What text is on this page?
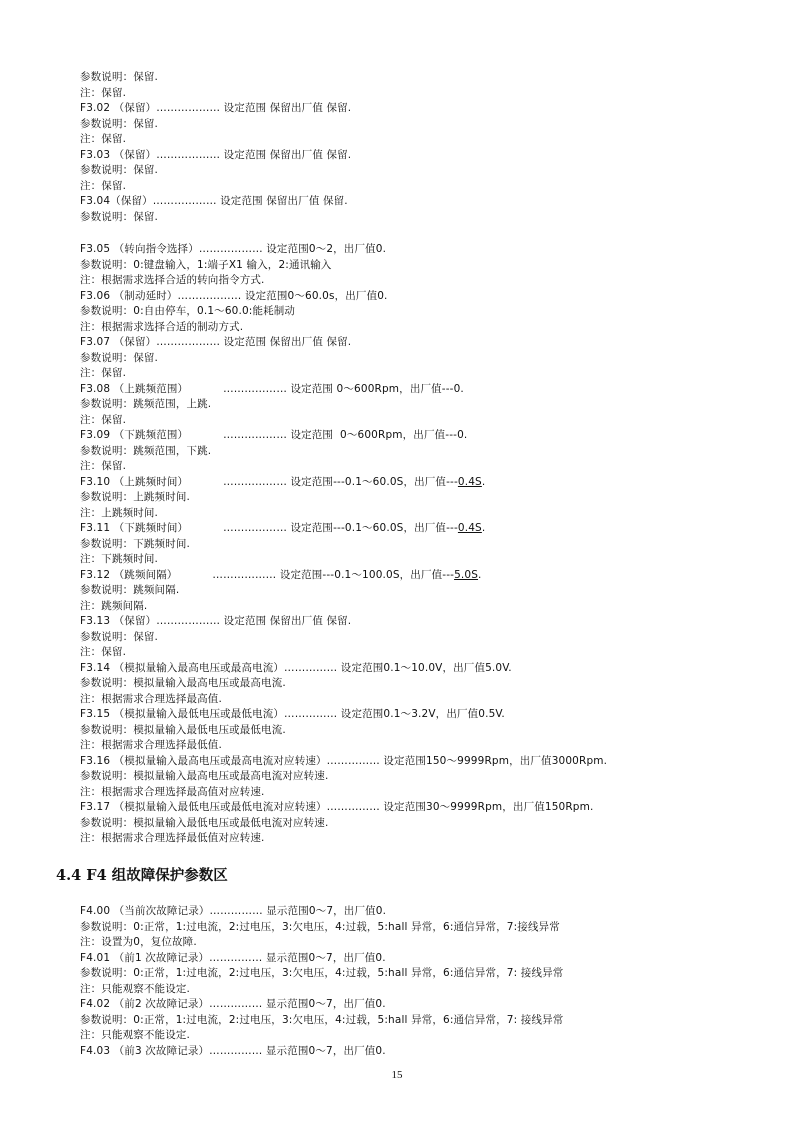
参数说明：保留.
注：保留.
F3.02 （保留）……………… 设定范围 保留出厂值 保留.
参数说明：保留.
注：保留.
F3.03 （保留）……………… 设定范围 保留出厂值 保留.
参数说明：保留.
注：保留.
F3.04（保留）……………… 设定范围 保留出厂值 保留.
参数说明：保留.
F3.05 （转向指令选择）……………… 设定范围0～2，出厂值0.
参数说明：0:键盘输入，1:端子X1 输入，2:通讯输入
注：根据需求选择合适的转向指令方式.
F3.06 （制动延时）……………… 设定范围0～60.0s，出厂值0.
参数说明：0:自由停车，0.1～60.0:能耗制动
注：根据需求选择合适的制动方式.
F3.07 （保留）……………… 设定范围 保留出厂值 保留.
参数说明：保留.
注：保留.
F3.08 （上跳频范围）          ……………… 设定范围 0～600Rpm，出厂值---0.
参数说明：跳频范围，上跳.
注：保留.
F3.09 （下跳频范围）          ……………… 设定范围  0～600Rpm，出厂值---0.
参数说明：跳频范围，下跳.
注：保留.
F3.10 （上跳频时间）          ……………… 设定范围---0.1～60.0S，出厂值---0.4S.
参数说明：上跳频时间.
注：上跳频时间.
F3.11 （下跳频时间）          ……………… 设定范围---0.1～60.0S，出厂值---0.4S.
参数说明：下跳频时间.
注：下跳频时间.
F3.12 （跳频间隔）          ……………… 设定范围---0.1～100.0S，出厂值---5.0S.
参数说明：跳频间隔.
注：跳频间隔.
F3.13 （保留）……………… 设定范围 保留出厂值 保留.
参数说明：保留.
注：保留.
F3.14 （模拟量输入最高电压或最高电流）…………… 设定范围0.1～10.0V，出厂值5.0V.
参数说明：模拟量输入最高电压或最高电流.
注：根据需求合理选择最高值.
F3.15 （模拟量输入最低电压或最低电流）…………… 设定范围0.1～3.2V，出厂值0.5V.
参数说明：模拟量输入最低电压或最低电流.
注：根据需求合理选择最低值.
F3.16 （模拟量输入最高电压或最高电流对应转速）…………… 设定范围150～9999Rpm，出厂值3000Rpm.
参数说明：模拟量输入最高电压或最高电流对应转速.
注：根据需求合理选择最高值对应转速.
F3.17 （模拟量输入最低电压或最低电流对应转速）…………… 设定范围30～9999Rpm，出厂值150Rpm.
参数说明：模拟量输入最低电压或最低电流对应转速.
注：根据需求合理选择最低值对应转速.
4.4 F4 组故障保护参数区
F4.00 （当前次故障记录）…………… 显示范围0～7，出厂值0.
参数说明：0:正常，1:过电流，2:过电压，3:欠电压，4:过载，5:hall 异常，6:通信异常，7:接线异常
注：设置为0，复位故障.
F4.01 （前1 次故障记录）…………… 显示范围0～7，出厂值0.
参数说明：0:正常，1:过电流，2:过电压，3:欠电压，4:过载，5:hall 异常，6:通信异常，7: 接线异常
注：只能观察不能设定.
F4.02 （前2 次故障记录）…………… 显示范围0～7，出厂值0.
参数说明：0:正常，1:过电流，2:过电压，3:欠电压，4:过载，5:hall 异常，6:通信异常，7: 接线异常
注：只能观察不能设定.
F4.03 （前3 次故障记录）…………… 显示范围0～7，出厂值0.
15
